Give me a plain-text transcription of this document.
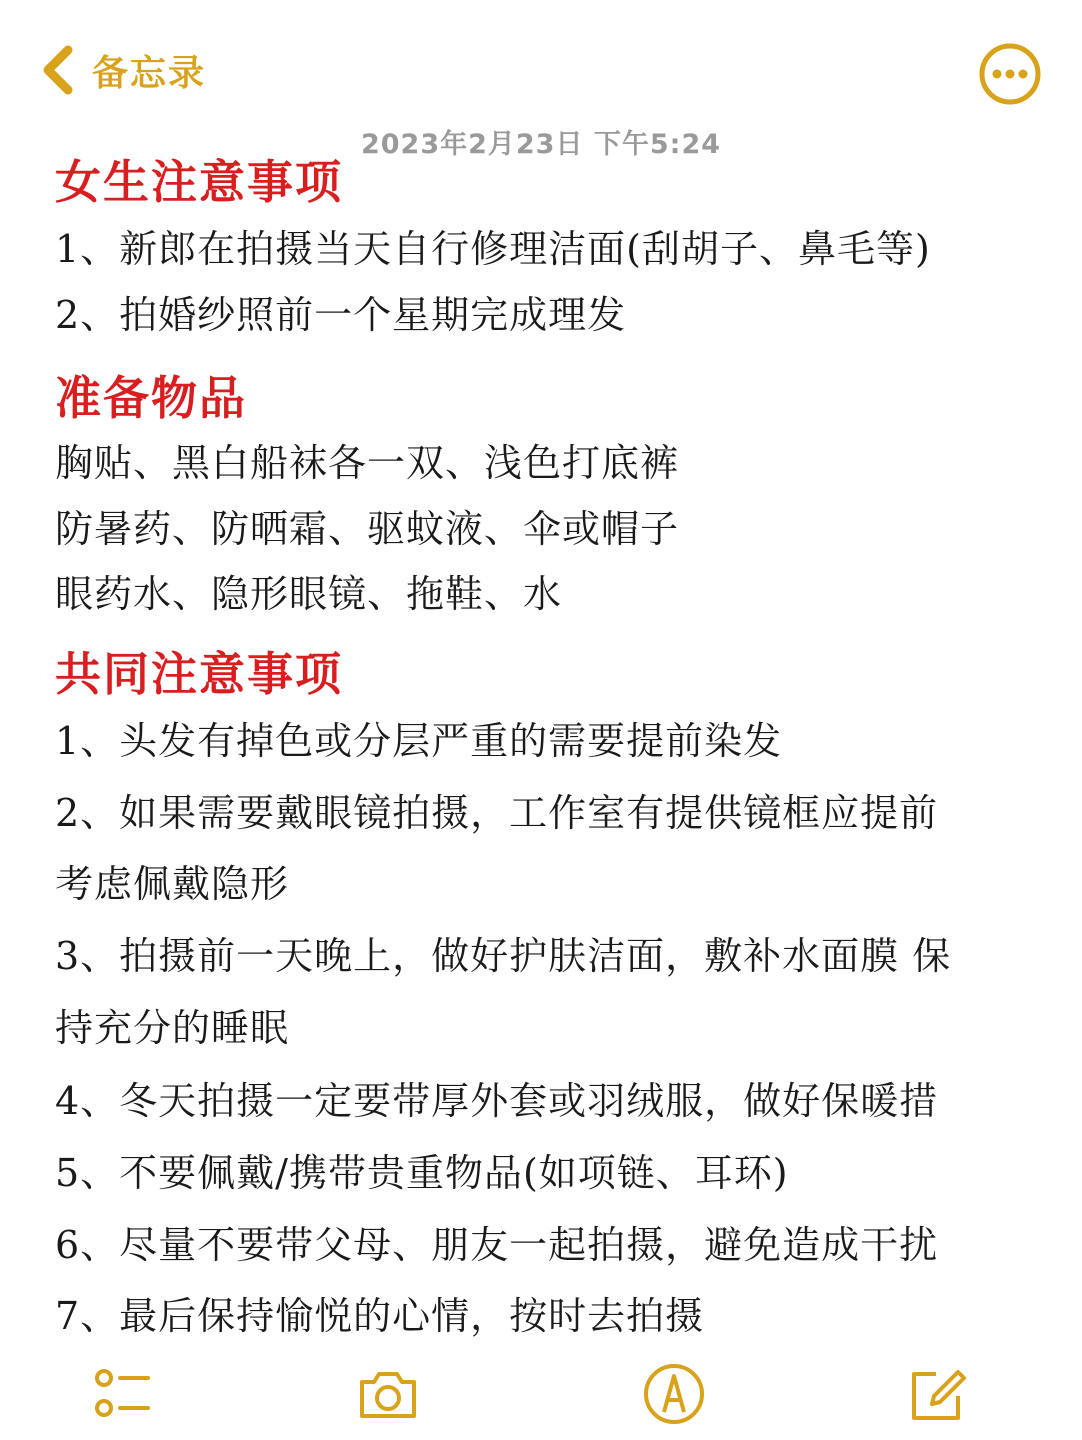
备忘录
2023年2月23日 下午5:24
女生注意事项
1、新郎在拍摄当天自行修理洁面(刮胡子、鼻毛等)
2、拍婚纱照前一个星期完成理发
准备物品
胸贴、黑白船袜各一双、浅色打底裤
防暑药、防晒霜、驱蚊液、伞或帽子
眼药水、隐形眼镜、拖鞋、水
共同注意事项
1、头发有掉色或分层严重的需要提前染发
2、如果需要戴眼镜拍摄，工作室有提供镜框应提前
考虑佩戴隐形
3、拍摄前一天晚上，做好护肤洁面，敷补水面膜 保
持充分的睡眠
4、冬天拍摄一定要带厚外套或羽绒服，做好保暖措
5、不要佩戴/携带贵重物品(如项链、耳环)
6、尽量不要带父母、朋友一起拍摄，避免造成干扰
7、最后保持愉悦的心情，按时去拍摄
